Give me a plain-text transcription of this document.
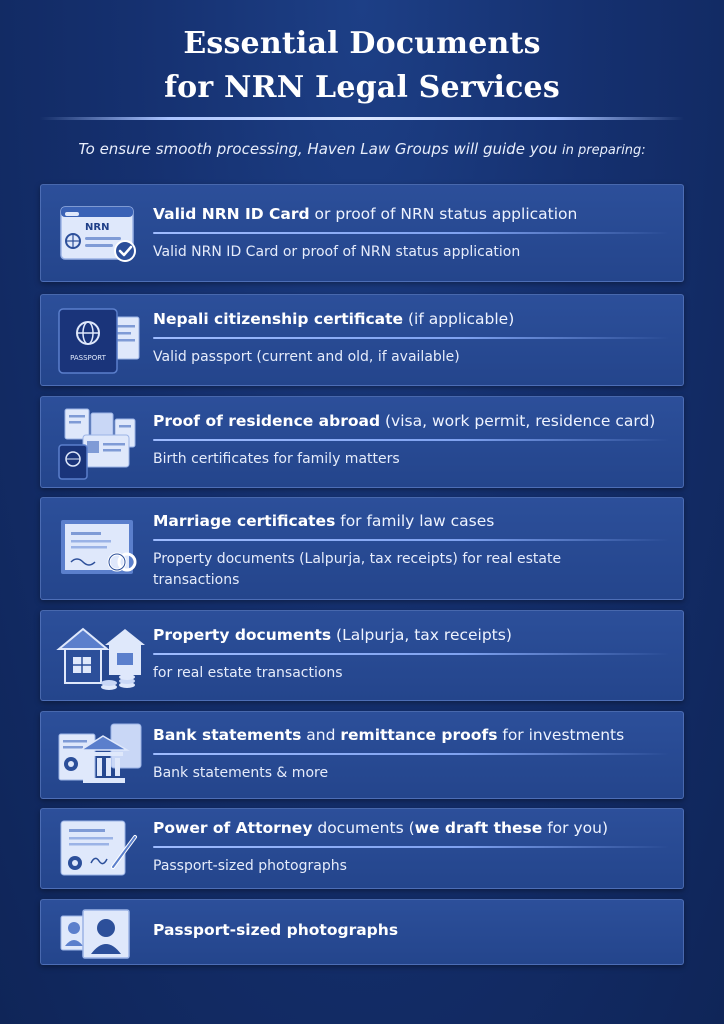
Essential Documents
for NRN Legal Services
To ensure smooth processing, Haven Law Groups will guide you in preparing:
NRN
Valid NRN ID Card or proof of NRN status application
Valid NRN ID Card or proof of NRN status application
PASSPORT
Nepali citizenship certificate (if applicable)
Valid passport (current and old, if available)
Proof of residence abroad (visa, work permit, residence card)
Birth certificates for family matters
Marriage certificates for family law cases
Property documents (Lalpurja, tax receipts) for real estate transactions
Property documents (Lalpurja, tax receipts)
for real estate transactions
Bank statements and remittance proofs for investments
Bank statements & more
Power of Attorney documents (we draft these for you)
Passport-sized photographs
Passport-sized photographs
